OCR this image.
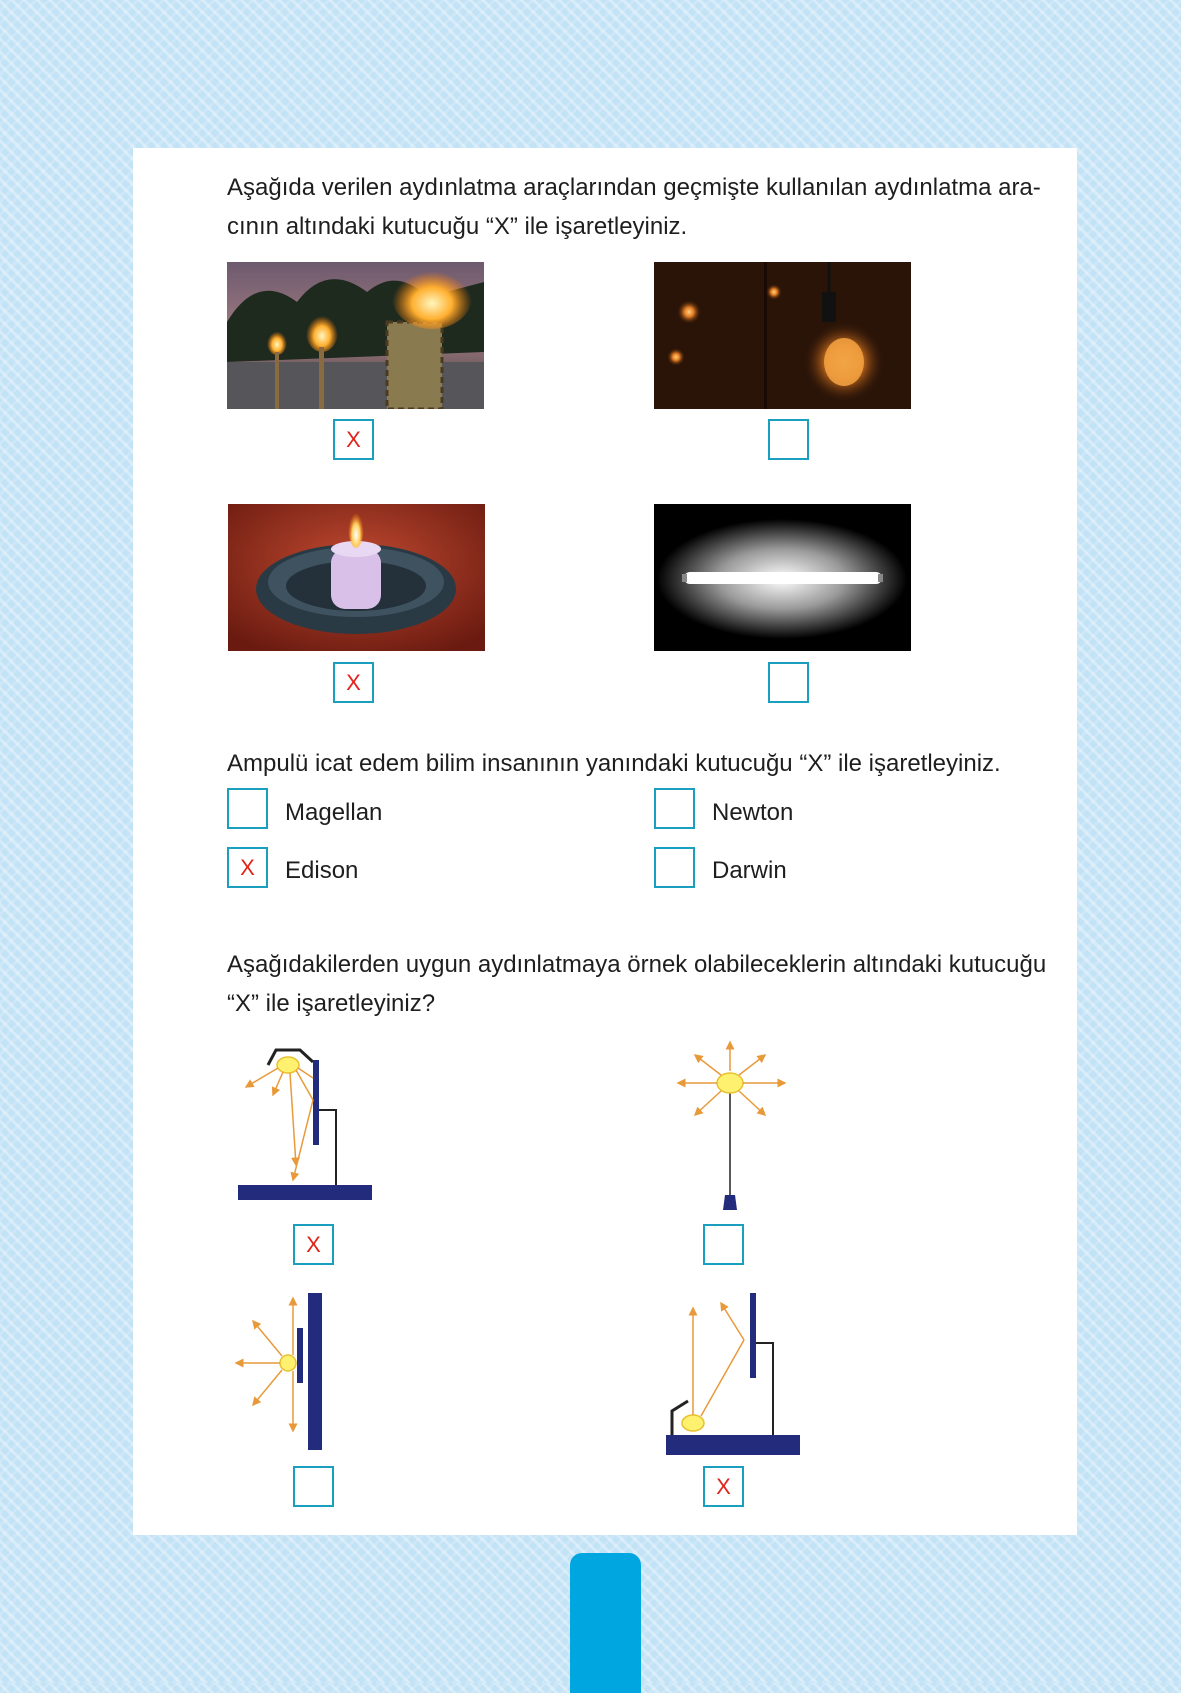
Aşağıda verilen aydınlatma araçlarından geçmişte kullanılan aydınlatma aracının altındaki kutucuğu “X” ile işaretleyiniz.

X
X

Ampulü icat edem bilim insanının yanındaki kutucuğu “X” ile işaretleyiniz.

Magellan	Newton
X	Edison	Darwin

Aşağıdakilerden uygun aydınlatmaya örnek olabileceklerin altındaki kutucuğu “X” ile işaretleyiniz?

X
X
